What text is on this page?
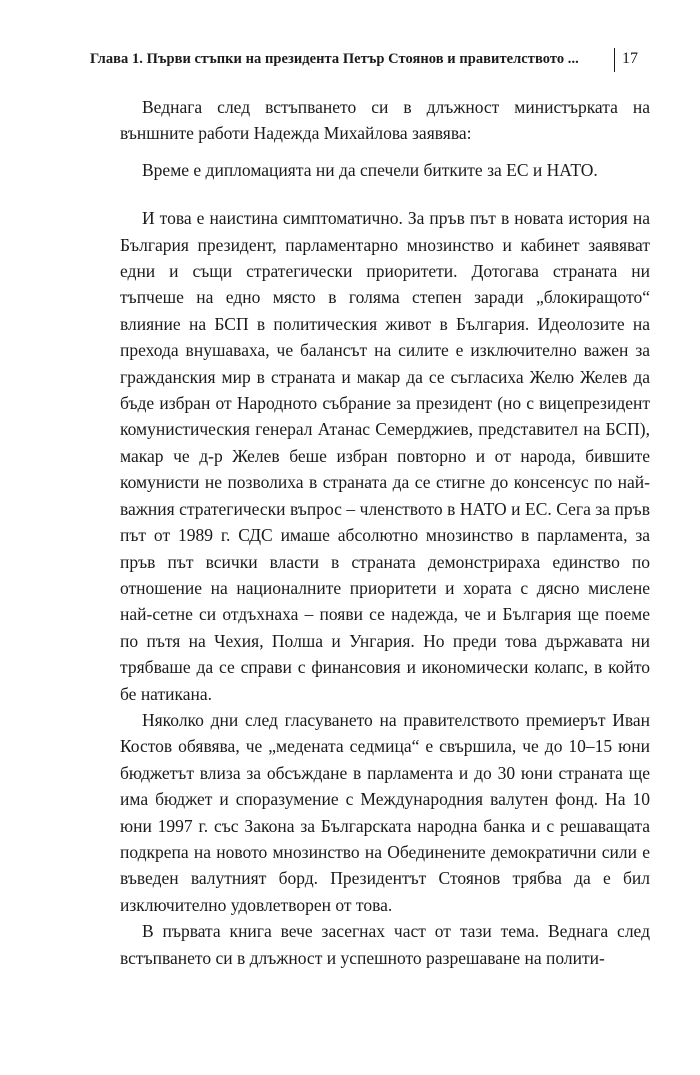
Глава 1. Първи стъпки на президента Петър Стоянов и правителството ...	17

Веднага след встъпването си в длъжност министърката на външните работи Надежда Михайлова заявява:

Време е дипломацията ни да спечели битките за ЕС и НАТО.

И това е наистина симптоматично. За пръв път в новата история на България президент, парламентарно мнозинство и кабинет заявяват едни и същи стратегически приоритети. Дотогава страната ни тъпчеше на едно място в голяма степен заради „блокиращото“ влияние на БСП в политическия живот в България. Идеолозите на прехода внушаваха, че балансът на силите е изключително важен за гражданския мир в страната и макар да се съгласиха Желю Желев да бъде избран от Народното събрание за президент (но с вицепрезидент комунистическия генерал Атанас Семерджиев, представител на БСП), макар че д-р Желев беше избран повторно и от народа, бившите комунисти не позволиха в страната да се стигне до консенсус по най-важния стратегически въпрос – членството в НАТО и ЕС. Сега за пръв път от 1989 г. СДС имаше абсолютно мнозинство в парламента, за пръв път всички власти в страната демонстрираха единство по отношение на националните приоритети и хората с дясно мислене най-сетне си отдъхнаха – появи се надежда, че и България ще поеме по пътя на Чехия, Полша и Унгария. Но преди това държавата ни трябваше да се справи с финансовия и икономически колапс, в който бе натикана.

Няколко дни след гласуването на правителството премиерът Иван Костов обявява, че „медената седмица“ е свършила, че до 10–15 юни бюджетът влиза за обсъждане в парламента и до 30 юни страната ще има бюджет и споразумение с Международния валутен фонд. На 10 юни 1997 г. със Закона за Българската народна банка и с решаващата подкрепа на новото мнозинство на Обединените демократични сили е въведен валутният борд. Президентът Стоянов трябва да е бил изключително удовлетворен от това.

В първата книга вече засегнах част от тази тема. Веднага след встъпването си в длъжност и успешното разрешаване на полити-
